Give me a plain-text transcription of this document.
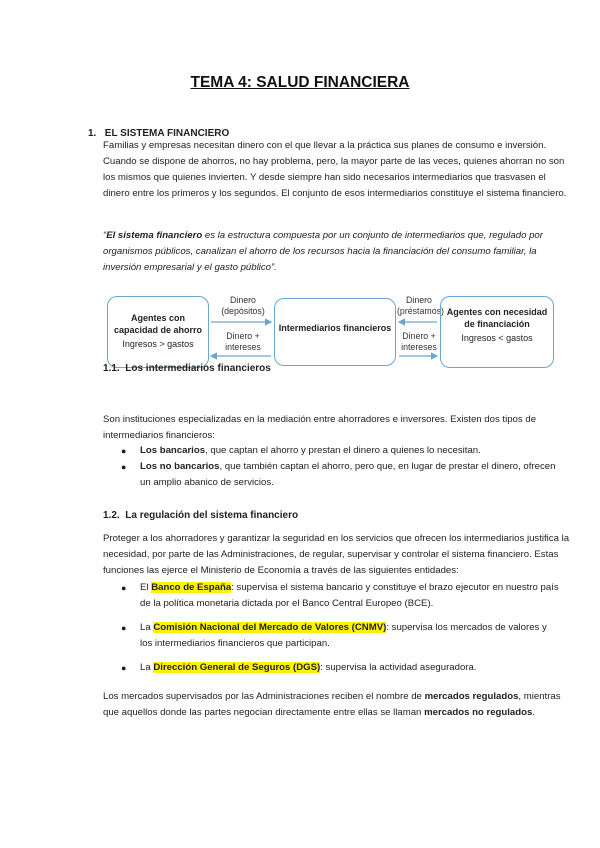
TEMA 4: SALUD FINANCIERA
1. EL SISTEMA FINANCIERO
Familias y empresas necesitan dinero con el que llevar a la práctica sus planes de consumo e inversión. Cuando se dispone de ahorros, no hay problema, pero, la mayor parte de las veces, quienes ahorran no son los mismos que quienes invierten. Y desde siempre han sido necesarios intermediarios que trasvasen el dinero entre los primeros y los segundos. El conjunto de esos intermediarios constituye el sistema financiero.
“El sistema financiero es la estructura compuesta por un conjunto de intermediarios que, regulado por organismos públicos, canalizan el ahorro de los recursos hacia la financiación del consumo familiar, la inversión empresarial y el gasto público”.
Agentes con capacidad de ahorro
Ingresos > gastos
Dinero (depósitos)
Dinero + intereses
Intermediarios financieros
Dinero (préstamos)
Dinero + intereses
Agentes con necesidad de financiación
Ingresos < gastos
1.1. Los intermediarios financieros
Son instituciones especializadas en la mediación entre ahorradores e inversores. Existen dos tipos de intermediarios financieros:
● Los bancarios, que captan el ahorro y prestan el dinero a quienes lo necesitan.
● Los no bancarios, que también captan el ahorro, pero que, en lugar de prestar el dinero, ofrecen un amplio abanico de servicios.
1.2. La regulación del sistema financiero
Proteger a los ahorradores y garantizar la seguridad en los servicios que ofrecen los intermediarios justifica la necesidad, por parte de las Administraciones, de regular, supervisar y controlar el sistema financiero. Estas funciones las ejerce el Ministerio de Economía a través de las siguientes entidades:
● El Banco de España: supervisa el sistema bancario y constituye el brazo ejecutor en nuestro país de la política monetaria dictada por el Banco Central Europeo (BCE).
● La Comisión Nacional del Mercado de Valores (CNMV): supervisa los mercados de valores y los intermediarios financieros que participan.
● La Dirección General de Seguros (DGS): supervisa la actividad aseguradora.
Los mercados supervisados por las Administraciones reciben el nombre de mercados regulados, mientras que aquellos donde las partes negocian directamente entre ellas se llaman mercados no regulados.
